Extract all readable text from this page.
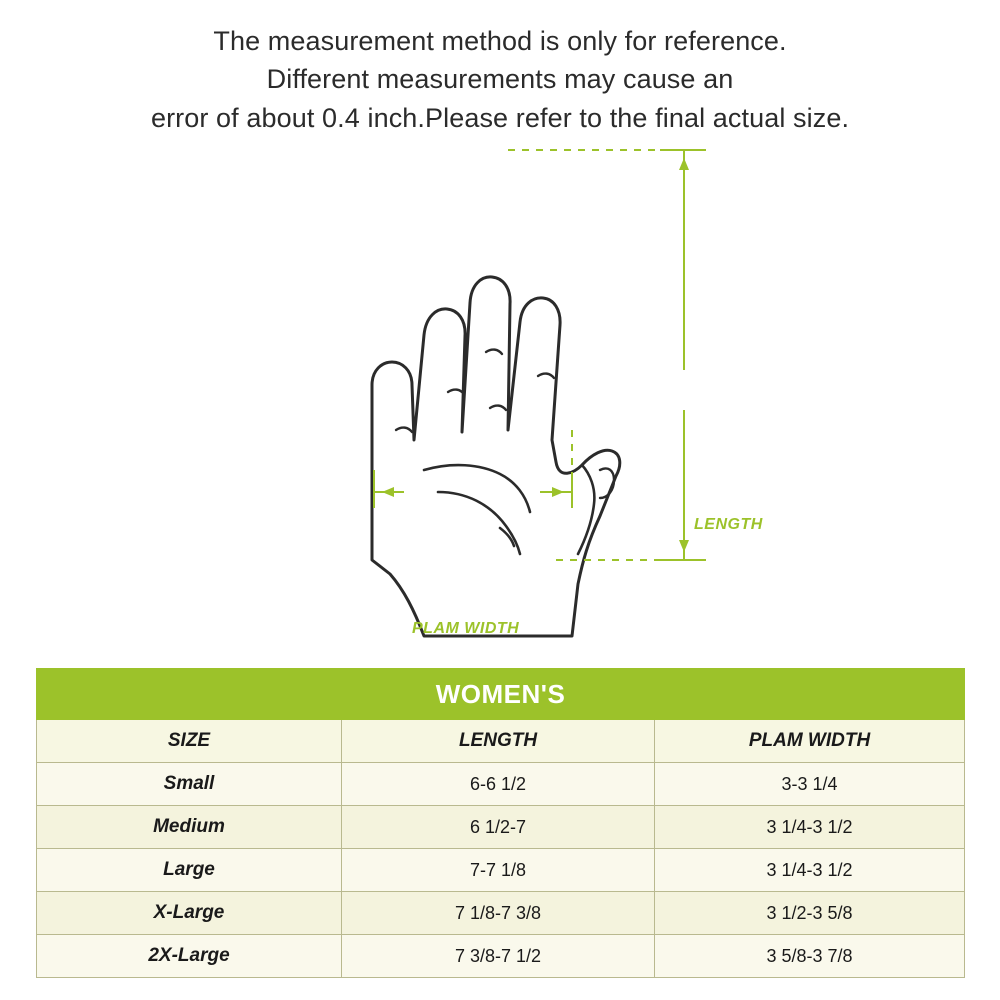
The measurement method is only for reference.
Different measurements may cause an
error of about 0.4 inch.Please refer to the final actual size.
LENGTH
PLAM WIDTH
WOMEN'S		
SIZE	LENGTH	PLAM WIDTH
Small	6-6 1/2	3-3 1/4
Medium	6 1/2-7	3 1/4-3 1/2
Large	7-7 1/8	3 1/4-3 1/2
X-Large	7 1/8-7 3/8	3 1/2-3 5/8
2X-Large	7 3/8-7 1/2	3 5/8-3 7/8
